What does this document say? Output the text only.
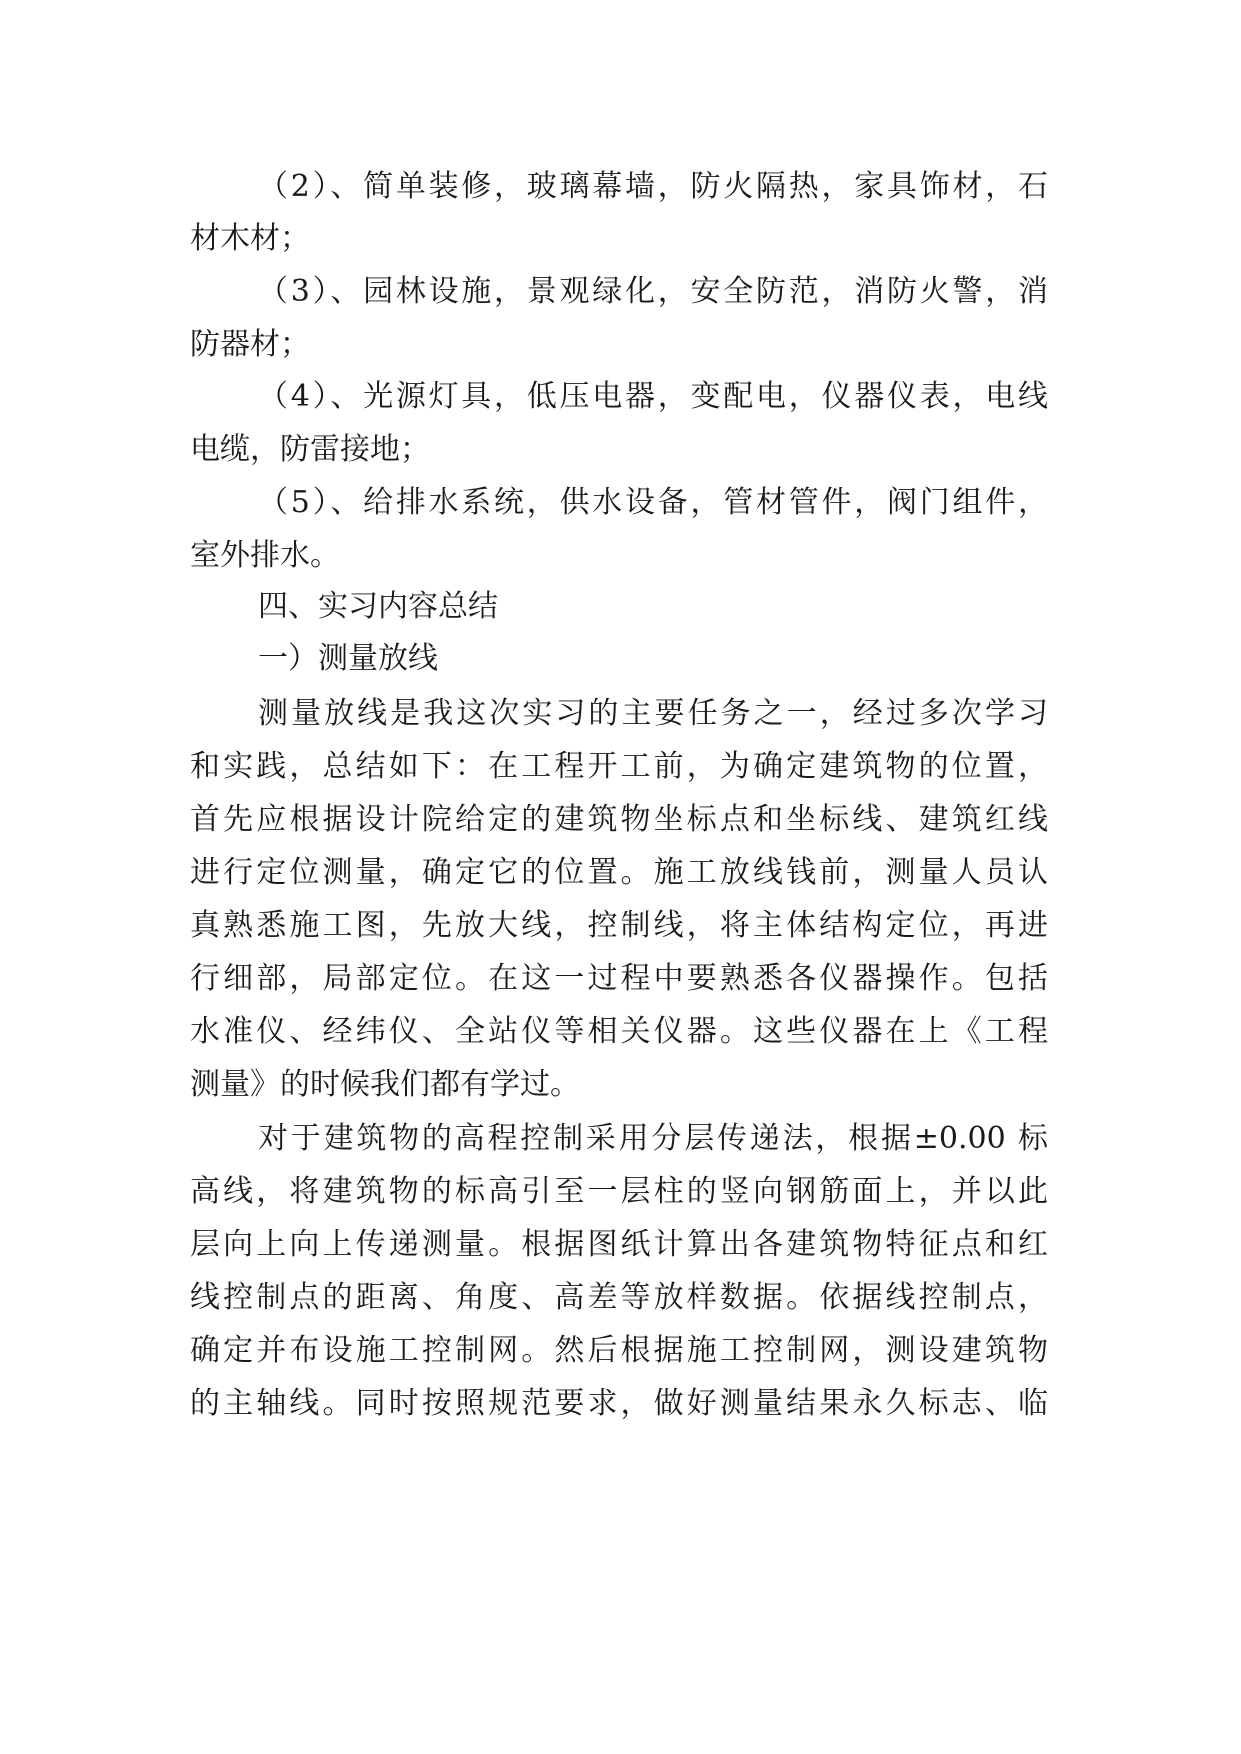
（2）、简单装修，玻璃幕墙，防火隔热，家具饰材，石
材木材；
（3）、园林设施，景观绿化，安全防范，消防火警，消
防器材；
（4）、光源灯具，低压电器，变配电，仪器仪表，电线
电缆，防雷接地；
（5）、给排水系统，供水设备，管材管件，阀门组件，
室外排水。
四、实习内容总结
一）测量放线
测量放线是我这次实习的主要任务之一，经过多次学习
和实践，总结如下：在工程开工前，为确定建筑物的位置，
首先应根据设计院给定的建筑物坐标点和坐标线、建筑红线
进行定位测量，确定它的位置。施工放线钱前，测量人员认
真熟悉施工图，先放大线，控制线，将主体结构定位，再进
行细部，局部定位。在这一过程中要熟悉各仪器操作。包括
水准仪、经纬仪、全站仪等相关仪器。这些仪器在上《工程
测量》的时候我们都有学过。
对于建筑物的高程控制采用分层传递法，根据±0.00 标
高线，将建筑物的标高引至一层柱的竖向钢筋面上，并以此
层向上向上传递测量。根据图纸计算出各建筑物特征点和红
线控制点的距离、角度、高差等放样数据。依据线控制点，
确定并布设施工控制网。然后根据施工控制网，测设建筑物
的主轴线。同时按照规范要求，做好测量结果永久标志、临
